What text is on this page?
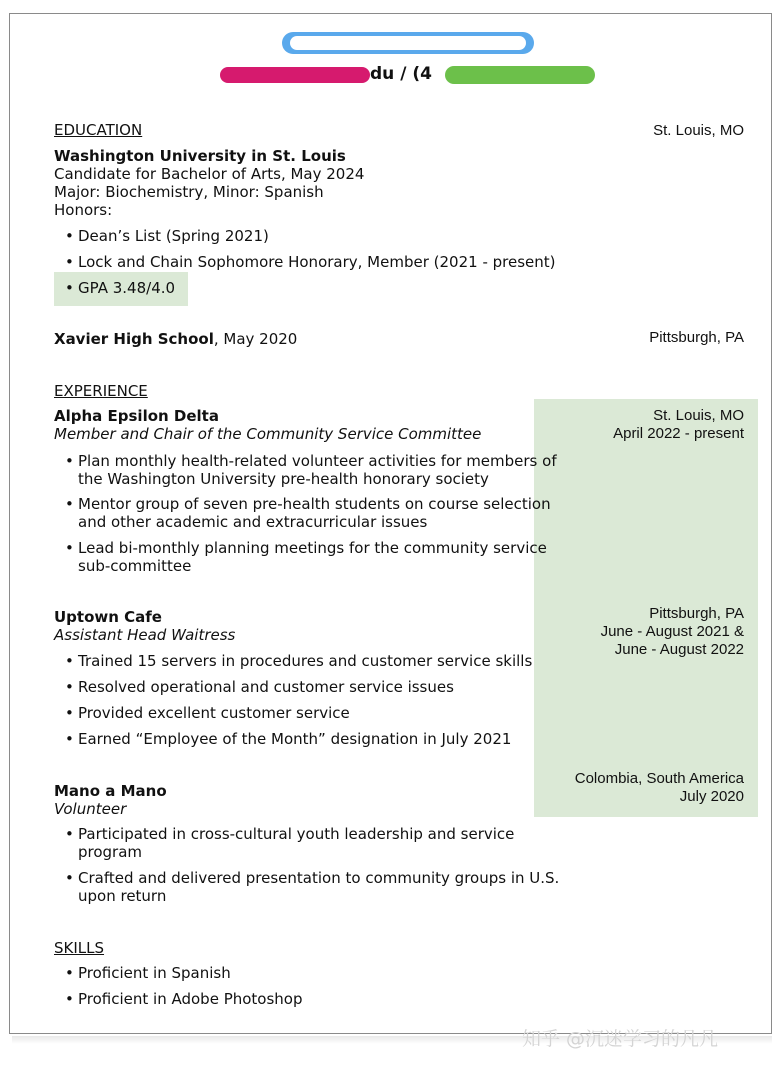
du / (4
EDUCATION	St. Louis, MO
Washington University in St. Louis
Candidate for Bachelor of Arts, May 2024
Major: Biochemistry, Minor: Spanish
Honors:
• Dean’s List (Spring 2021)
• Lock and Chain Sophomore Honorary, Member (2021 - present)
• GPA 3.48/4.0
Xavier High School, May 2020	Pittsburgh, PA
EXPERIENCE
Alpha Epsilon Delta
Member and Chair of the Community Service Committee
St. Louis, MO
April 2022 - present
• Plan monthly health-related volunteer activities for members of
the Washington University pre-health honorary society
• Mentor group of seven pre-health students on course selection
and other academic and extracurricular issues
• Lead bi-monthly planning meetings for the community service
sub-committee
Uptown Cafe
Assistant Head Waitress
Pittsburgh, PA
June - August 2021 &
June - August 2022
• Trained 15 servers in procedures and customer service skills
• Resolved operational and customer service issues
• Provided excellent customer service
• Earned “Employee of the Month” designation in July 2021
Colombia, South America
July 2020
Mano a Mano
Volunteer
• Participated in cross-cultural youth leadership and service
program
• Crafted and delivered presentation to community groups in U.S.
upon return
SKILLS
• Proficient in Spanish
• Proficient in Adobe Photoshop
知乎 @沉迷学习的凡凡
